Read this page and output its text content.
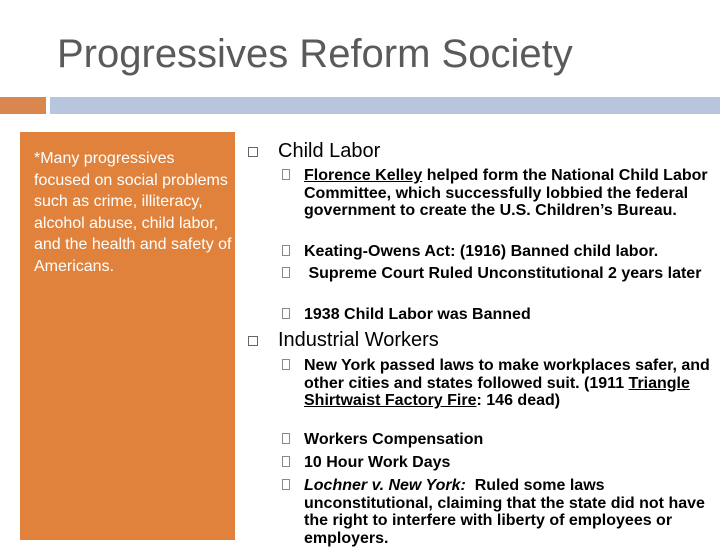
Progressives Reform Society
*Many progressives focused on social problems such as crime, illiteracy, alcohol abuse, child labor, and the health and safety of Americans.
Child Labor
Florence Kelley helped form the National Child Labor Committee, which successfully lobbied the federal government to create the U.S. Children’s Bureau.
Keating-Owens Act: (1916) Banned child labor.
Supreme Court Ruled Unconstitutional 2 years later
1938 Child Labor was Banned
Industrial Workers
New York passed laws to make workplaces safer, and other cities and states followed suit. (1911 Triangle Shirtwaist Factory Fire: 146 dead)
Workers Compensation
10 Hour Work Days
Lochner v. New York:  Ruled some laws unconstitutional, claiming that the state did not have the right to interfere with liberty of employees or employers.
